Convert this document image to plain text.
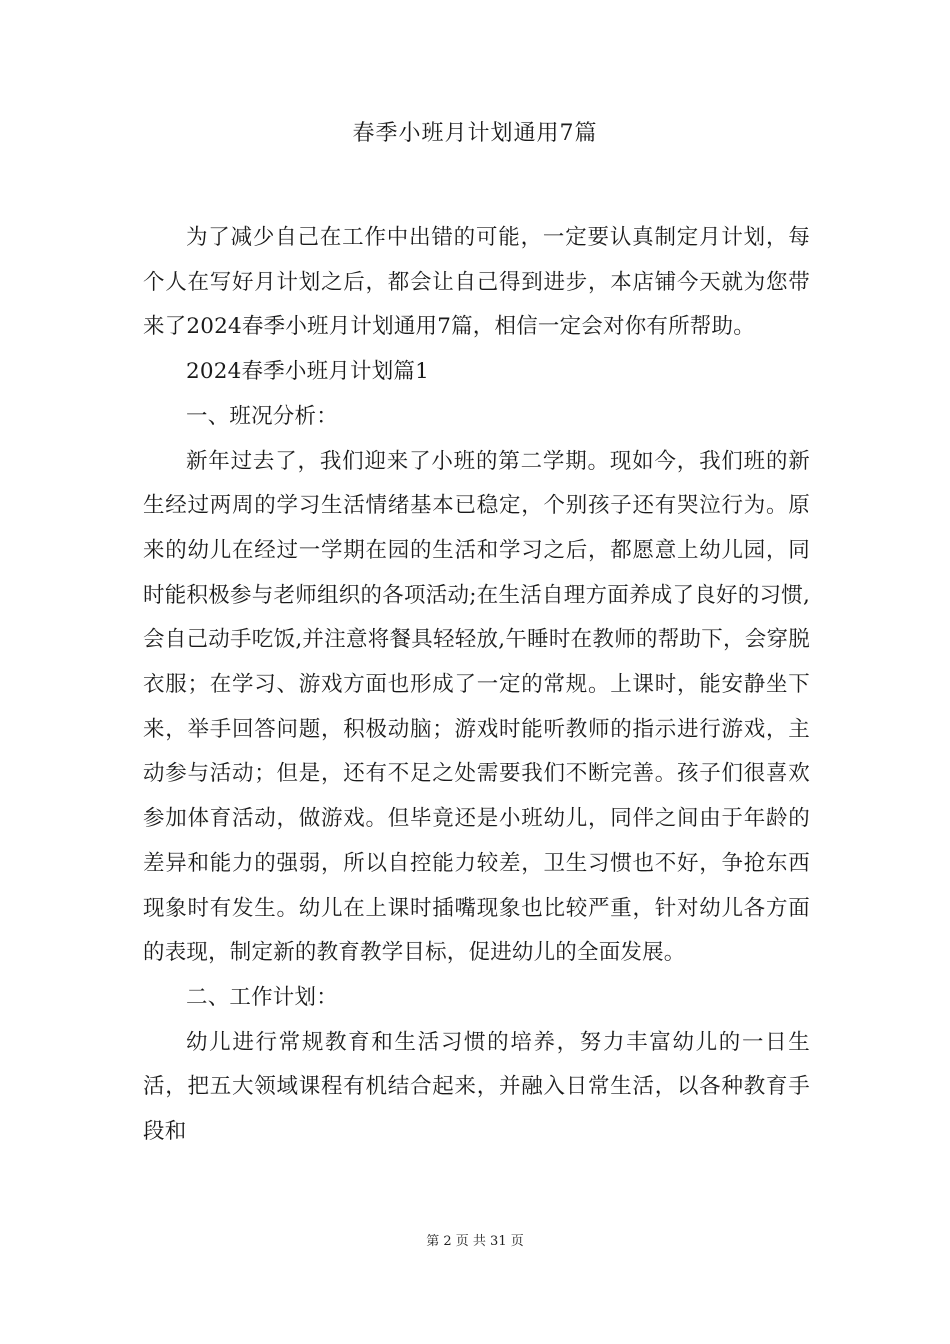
春季小班月计划通用7篇

为了减少自己在工作中出错的可能，一定要认真制定月计划，每个人在写好月计划之后，都会让自己得到进步，本店铺今天就为您带来了2024春季小班月计划通用7篇，相信一定会对你有所帮助。

2024春季小班月计划篇1

一、班况分析：

新年过去了，我们迎来了小班的第二学期。现如今，我们班的新生经过两周的学习生活情绪基本已稳定，个别孩子还有哭泣行为。原来的幼儿在经过一学期在园的生活和学习之后，都愿意上幼儿园，同时能积极参与老师组织的各项活动;在生活自理方面养成了良好的习惯,会自己动手吃饭,并注意将餐具轻轻放,午睡时在教师的帮助下，会穿脱衣服；在学习、游戏方面也形成了一定的常规。上课时，能安静坐下来，举手回答问题，积极动脑；游戏时能听教师的指示进行游戏，主动参与活动；但是，还有不足之处需要我们不断完善。孩子们很喜欢参加体育活动，做游戏。但毕竟还是小班幼儿，同伴之间由于年龄的差异和能力的强弱，所以自控能力较差，卫生习惯也不好，争抢东西现象时有发生。幼儿在上课时插嘴现象也比较严重，针对幼儿各方面的表现，制定新的教育教学目标，促进幼儿的全面发展。

二、工作计划：

幼儿进行常规教育和生活习惯的培养，努力丰富幼儿的一日生活，把五大领域课程有机结合起来，并融入日常生活，以各种教育手段和

第 2 页 共 31 页
